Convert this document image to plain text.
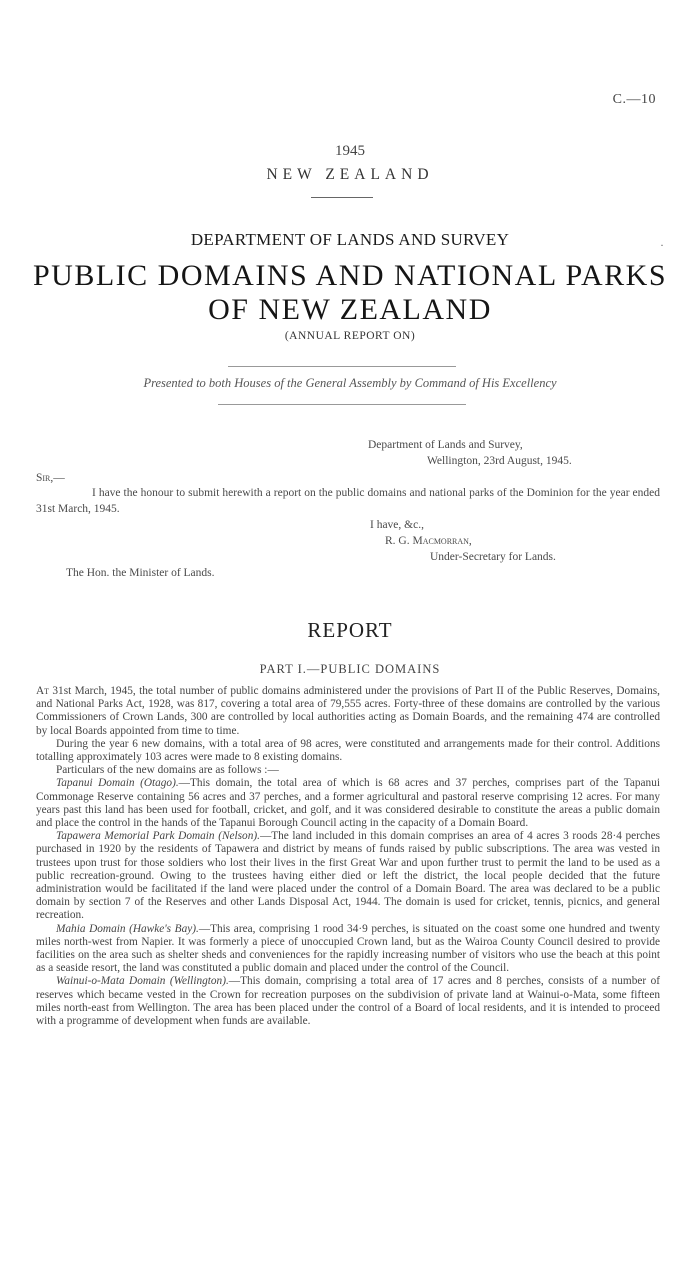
C.—10
·
1945
NEW ZEALAND
DEPARTMENT OF LANDS AND SURVEY
PUBLIC DOMAINS AND NATIONAL PARKS
OF NEW ZEALAND
(ANNUAL REPORT ON)
Presented to both Houses of the General Assembly by Command of His Excellency
Department of Lands and Survey,
Wellington, 23rd August, 1945.
Sir,—
I have the honour to submit herewith a report on the public domains and national parks of the Dominion for the year ended 31st March, 1945.
I have, &c.,
R. G. Macmorran,
Under-Secretary for Lands.
The Hon. the Minister of Lands.
REPORT
PART I.—PUBLIC DOMAINS

At 31st March, 1945, the total number of public domains administered under the provisions of Part II of the Public Reserves, Domains, and National Parks Act, 1928, was 817, covering a total area of 79,555 acres. Forty-three of these domains are controlled by the various Commissioners of Crown Lands, 300 are controlled by local authorities acting as Domain Boards, and the remaining 474 are controlled by local Boards appointed from time to time.

During the year 6 new domains, with a total area of 98 acres, were constituted and arrangements made for their control. Additions totalling approximately 103 acres were made to 8 existing domains.

Particulars of the new domains are as follows :—

Tapanui Domain (Otago).—This domain, the total area of which is 68 acres and 37 perches, comprises part of the Tapanui Commonage Reserve containing 56 acres and 37 perches, and a former agricultural and pastoral reserve comprising 12 acres. For many years past this land has been used for football, cricket, and golf, and it was considered desirable to constitute the areas a public domain and place the control in the hands of the Tapanui Borough Council acting in the capacity of a Domain Board.

Tapawera Memorial Park Domain (Nelson).—The land included in this domain comprises an area of 4 acres 3 roods 28·4 perches purchased in 1920 by the residents of Tapawera and district by means of funds raised by public subscriptions. The area was vested in trustees upon trust for those soldiers who lost their lives in the first Great War and upon further trust to permit the land to be used as a public recreation-ground. Owing to the trustees having either died or left the district, the local people decided that the future administration would be facilitated if the land were placed under the control of a Domain Board. The area was declared to be a public domain by section 7 of the Reserves and other Lands Disposal Act, 1944. The domain is used for cricket, tennis, picnics, and general recreation.

Mahia Domain (Hawke's Bay).—This area, comprising 1 rood 34·9 perches, is situated on the coast some one hundred and twenty miles north-west from Napier. It was formerly a piece of unoccupied Crown land, but as the Wairoa County Council desired to provide facilities on the area such as shelter sheds and conveniences for the rapidly increasing number of visitors who use the beach at this point as a seaside resort, the land was constituted a public domain and placed under the control of the Council.

Wainui-o-Mata Domain (Wellington).—This domain, comprising a total area of 17 acres and 8 perches, consists of a number of reserves which became vested in the Crown for recreation purposes on the subdivision of private land at Wainui-o-Mata, some fifteen miles north-east from Wellington. The area has been placed under the control of a Board of local residents, and it is intended to proceed with a programme of development when funds are available.
